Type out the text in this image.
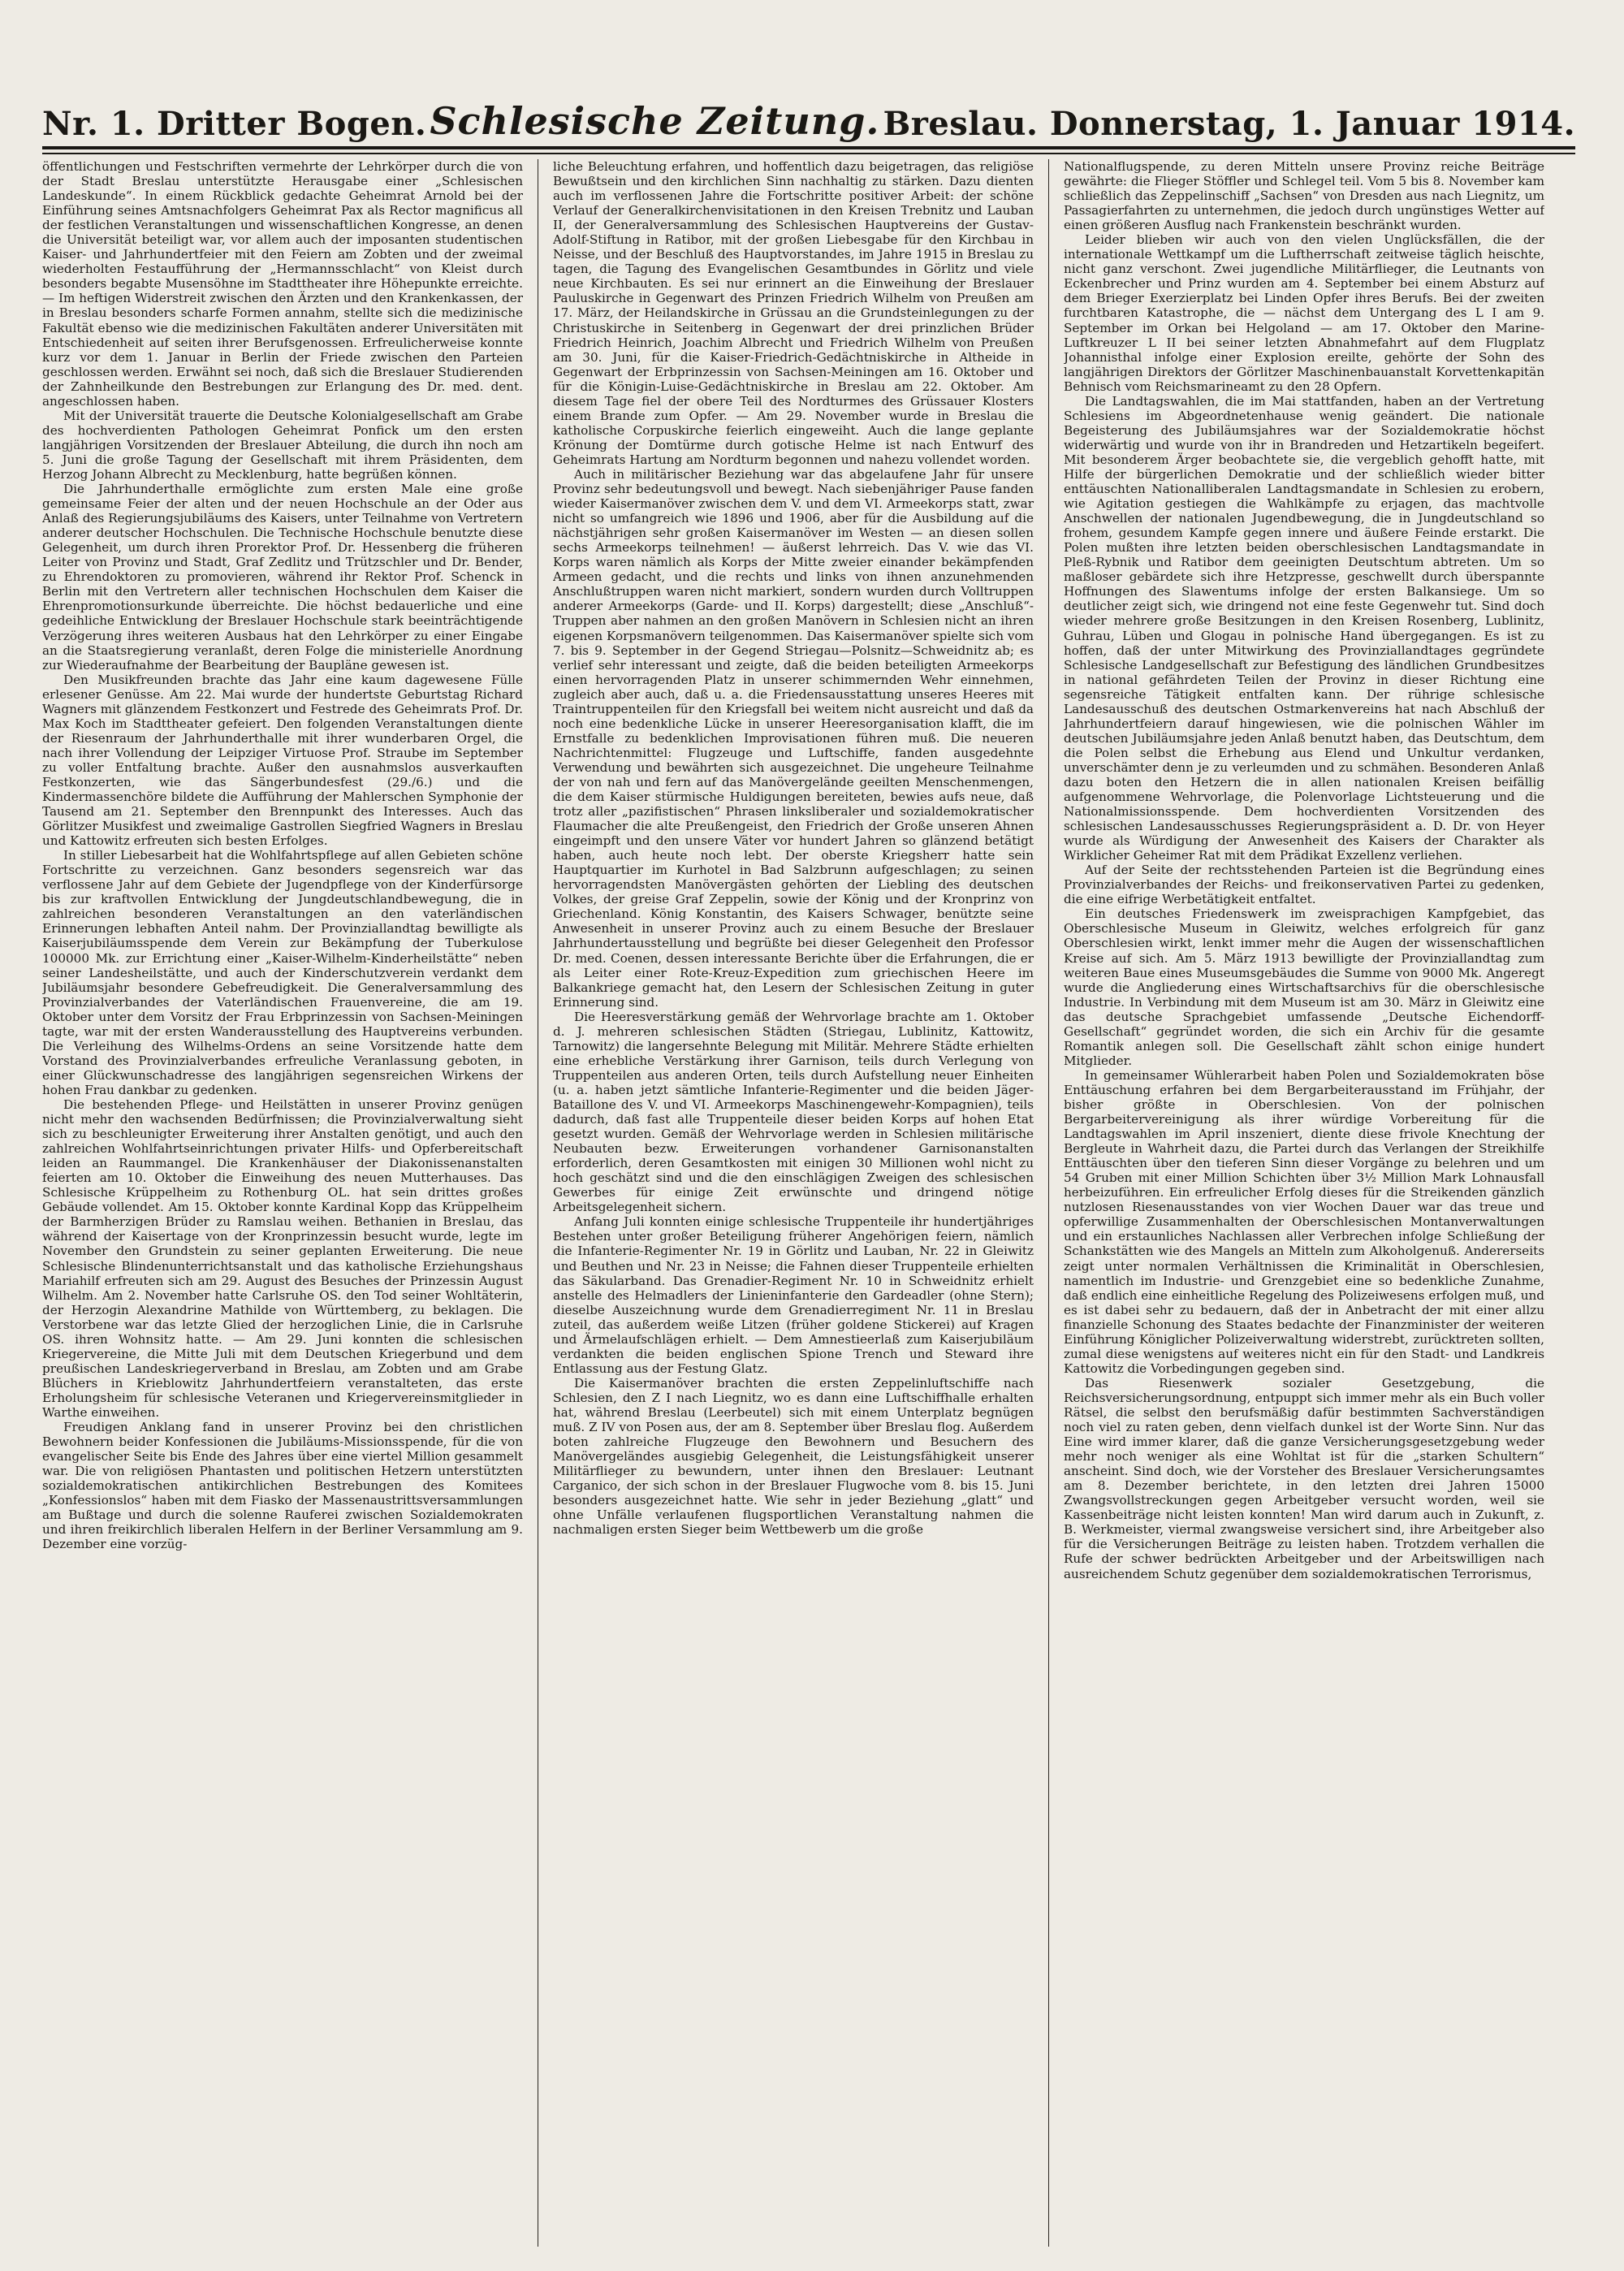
Nr. 1. Dritter Bogen. Schlesische Zeitung. Breslau. Donnerstag, 1. Januar 1914.

öffentlichungen und Festschriften vermehrte der Lehrkörper durch die von der Stadt Breslau unterstützte Herausgabe einer „Schlesischen Landeskunde“. In einem Rückblick gedachte Geheimrat Arnold bei der Einführung seines Amtsnachfolgers Geheimrat Pax als Rector magnificus all der festlichen Veranstaltungen und wissenschaftlichen Kongresse, an denen die Universität beteiligt war, vor allem auch der imposanten studentischen Kaiser- und Jahrhundertfeier mit den Feiern am Zobten und der zweimal wiederholten Festaufführung der „Hermannsschlacht“ von Kleist durch besonders begabte Musensöhne im Stadttheater ihre Höhepunkte erreichte. — Im heftigen Widerstreit zwischen den Ärzten und den Krankenkassen, der in Breslau besonders scharfe Formen annahm, stellte sich die medizinische Fakultät ebenso wie die medizinischen Fakultäten anderer Universitäten mit Entschiedenheit auf seiten ihrer Berufsgenossen. Erfreulicherweise konnte kurz vor dem 1. Januar in Berlin der Friede zwischen den Parteien geschlossen werden. Erwähnt sei noch, daß sich die Breslauer Studierenden der Zahnheilkunde den Bestrebungen zur Erlangung des Dr. med. dent. angeschlossen haben.

Mit der Universität trauerte die Deutsche Kolonialgesellschaft am Grabe des hochverdienten Pathologen Geheimrat Ponfick um den ersten langjährigen Vorsitzenden der Breslauer Abteilung, die durch ihn noch am 5. Juni die große Tagung der Gesellschaft mit ihrem Präsidenten, dem Herzog Johann Albrecht zu Mecklenburg, hatte begrüßen können.

Die Jahrhunderthalle ermöglichte zum ersten Male eine große gemeinsame Feier der alten und der neuen Hochschule an der Oder aus Anlaß des Regierungsjubiläums des Kaisers, unter Teilnahme von Vertretern anderer deutscher Hochschulen. Die Technische Hochschule benutzte diese Gelegenheit, um durch ihren Prorektor Prof. Dr. Hessenberg die früheren Leiter von Provinz und Stadt, Graf Zedlitz und Trützschler und Dr. Bender, zu Ehrendoktoren zu promovieren, während ihr Rektor Prof. Schenck in Berlin mit den Vertretern aller technischen Hochschulen dem Kaiser die Ehrenpromotionsurkunde überreichte. Die höchst bedauerliche und eine gedeihliche Entwicklung der Breslauer Hochschule stark beeinträchtigende Verzögerung ihres weiteren Ausbaus hat den Lehrkörper zu einer Eingabe an die Staatsregierung veranlaßt, deren Folge die ministerielle Anordnung zur Wiederaufnahme der Bearbeitung der Baupläne gewesen ist.

Den Musikfreunden brachte das Jahr eine kaum dagewesene Fülle erlesener Genüsse. Am 22. Mai wurde der hundertste Geburtstag Richard Wagners mit glänzendem Festkonzert und Festrede des Geheimrats Prof. Dr. Max Koch im Stadttheater gefeiert. Den folgenden Veranstaltungen diente der Riesenraum der Jahrhunderthalle mit ihrer wunderbaren Orgel, die nach ihrer Vollendung der Leipziger Virtuose Prof. Straube im September zu voller Entfaltung brachte. Außer den ausnahmslos ausverkauften Festkonzerten, wie das Sängerbundesfest (29./6.) und die Kindermassenchöre bildete die Aufführung der Mahlerschen Symphonie der Tausend am 21. September den Brennpunkt des Interesses. Auch das Görlitzer Musikfest und zweimalige Gastrollen Siegfried Wagners in Breslau und Kattowitz erfreuten sich besten Erfolges.

In stiller Liebesarbeit hat die Wohlfahrtspflege auf allen Gebieten schöne Fortschritte zu verzeichnen. Ganz besonders segensreich war das verflossene Jahr auf dem Gebiete der Jugendpflege von der Kinderfürsorge bis zur kraftvollen Entwicklung der Jungdeutschlandbewegung, die in zahlreichen besonderen Veranstaltungen an den vaterländischen Erinnerungen lebhaften Anteil nahm. Der Provinziallandtag bewilligte als Kaiserjubiläumsspende dem Verein zur Bekämpfung der Tuberkulose 100000 Mk. zur Errichtung einer „Kaiser-Wilhelm-Kinderheilstätte“ neben seiner Landesheilstätte, und auch der Kinderschutzverein verdankt dem Jubiläumsjahr besondere Gebefreudigkeit. Die Generalversammlung des Provinzialverbandes der Vaterländischen Frauenvereine, die am 19. Oktober unter dem Vorsitz der Frau Erbprinzessin von Sachsen-Meiningen tagte, war mit der ersten Wanderausstellung des Hauptvereins verbunden. Die Verleihung des Wilhelms-Ordens an seine Vorsitzende hatte dem Vorstand des Provinzialverbandes erfreuliche Veranlassung geboten, in einer Glückwunschadresse des langjährigen segensreichen Wirkens der hohen Frau dankbar zu gedenken.

Die bestehenden Pflege- und Heilstätten in unserer Provinz genügen nicht mehr den wachsenden Bedürfnissen; die Provinzialverwaltung sieht sich zu beschleunigter Erweiterung ihrer Anstalten genötigt, und auch den zahlreichen Wohlfahrtseinrichtungen privater Hilfs- und Opferbereitschaft leiden an Raummangel. Die Krankenhäuser der Diakonissenanstalten feierten am 10. Oktober die Einweihung des neuen Mutterhauses. Das Schlesische Krüppelheim zu Rothenburg OL. hat sein drittes großes Gebäude vollendet. Am 15. Oktober konnte Kardinal Kopp das Krüppelheim der Barmherzigen Brüder zu Ramslau weihen. Bethanien in Breslau, das während der Kaisertage von der Kronprinzessin besucht wurde, legte im November den Grundstein zu seiner geplanten Erweiterung. Die neue Schlesische Blindenunterrichtsanstalt und das katholische Erziehungshaus Mariahilf erfreuten sich am 29. August des Besuches der Prinzessin August Wilhelm. Am 2. November hatte Carlsruhe OS. den Tod seiner Wohltäterin, der Herzogin Alexandrine Mathilde von Württemberg, zu beklagen. Die Verstorbene war das letzte Glied der herzoglichen Linie, die in Carlsruhe OS. ihren Wohnsitz hatte. — Am 29. Juni konnten die schlesischen Kriegervereine, die Mitte Juli mit dem Deutschen Kriegerbund und dem preußischen Landeskriegerverband in Breslau, am Zobten und am Grabe Blüchers in Krieblowitz Jahrhundertfeiern veranstalteten, das erste Erholungsheim für schlesische Veteranen und Kriegervereinsmitglieder in Warthe einweihen.

Freudigen Anklang fand in unserer Provinz bei den christlichen Bewohnern beider Konfessionen die Jubiläums-Missionsspende, für die von evangelischer Seite bis Ende des Jahres über eine viertel Million gesammelt war. Die von religiösen Phantasten und politischen Hetzern unterstützten sozialdemokratischen antikirchlichen Bestrebungen des Komitees „Konfessionslos“ haben mit dem Fiasko der Massenaustrittsversammlungen am Bußtage und durch die solenne Rauferei zwischen Sozialdemokraten und ihren freikirchlich liberalen Helfern in der Berliner Versammlung am 9. Dezember eine vorzüg-

liche Beleuchtung erfahren, und hoffentlich dazu beigetragen, das religiöse Bewußtsein und den kirchlichen Sinn nachhaltig zu stärken. Dazu dienten auch im verflossenen Jahre die Fortschritte positiver Arbeit: der schöne Verlauf der Generalkirchenvisitationen in den Kreisen Trebnitz und Lauban II, der Generalversammlung des Schlesischen Hauptvereins der Gustav-Adolf-Stiftung in Ratibor, mit der großen Liebesgabe für den Kirchbau in Neisse, und der Beschluß des Hauptvorstandes, im Jahre 1915 in Breslau zu tagen, die Tagung des Evangelischen Gesamtbundes in Görlitz und viele neue Kirchbauten. Es sei nur erinnert an die Einweihung der Breslauer Pauluskirche in Gegenwart des Prinzen Friedrich Wilhelm von Preußen am 17. März, der Heilandskirche in Grüssau an die Grundsteinlegungen zu der Christuskirche in Seitenberg in Gegenwart der drei prinzlichen Brüder Friedrich Heinrich, Joachim Albrecht und Friedrich Wilhelm von Preußen am 30. Juni, für die Kaiser-Friedrich-Gedächtniskirche in Altheide in Gegenwart der Erbprinzessin von Sachsen-Meiningen am 16. Oktober und für die Königin-Luise-Gedächtniskirche in Breslau am 22. Oktober. Am diesem Tage fiel der obere Teil des Nordturmes des Grüssauer Klosters einem Brande zum Opfer. — Am 29. November wurde in Breslau die katholische Corpuskirche feierlich eingeweiht. Auch die lange geplante Krönung der Domtürme durch gotische Helme ist nach Entwurf des Geheimrats Hartung am Nordturm begonnen und nahezu vollendet worden.

Auch in militärischer Beziehung war das abgelaufene Jahr für unsere Provinz sehr bedeutungsvoll und bewegt. Nach siebenjähriger Pause fanden wieder Kaisermanöver zwischen dem V. und dem VI. Armeekorps statt, zwar nicht so umfangreich wie 1896 und 1906, aber für die Ausbildung auf die nächstjährigen sehr großen Kaisermanöver im Westen — an diesen sollen sechs Armeekorps teilnehmen! — äußerst lehrreich. Das V. wie das VI. Korps waren nämlich als Korps der Mitte zweier einander bekämpfenden Armeen gedacht, und die rechts und links von ihnen anzunehmenden Anschlußtruppen waren nicht markiert, sondern wurden durch Volltruppen anderer Armeekorps (Garde- und II. Korps) dargestellt; diese „Anschluß“-Truppen aber nahmen an den großen Manövern in Schlesien nicht an ihren eigenen Korpsmanövern teilgenommen. Das Kaisermanöver spielte sich vom 7. bis 9. September in der Gegend Striegau—Polsnitz—Schweidnitz ab; es verlief sehr interessant und zeigte, daß die beiden beteiligten Armeekorps einen hervorragenden Platz in unserer schimmernden Wehr einnehmen, zugleich aber auch, daß u. a. die Friedensausstattung unseres Heeres mit Traintruppenteilen für den Kriegsfall bei weitem nicht ausreicht und daß da noch eine bedenkliche Lücke in unserer Heeresorganisation klafft, die im Ernstfalle zu bedenklichen Improvisationen führen muß. Die neueren Nachrichtenmittel: Flugzeuge und Luftschiffe, fanden ausgedehnte Verwendung und bewährten sich ausgezeichnet. Die ungeheure Teilnahme der von nah und fern auf das Manövergelände geeilten Menschenmengen, die dem Kaiser stürmische Huldigungen bereiteten, bewies aufs neue, daß trotz aller „pazifistischen“ Phrasen linksliberaler und sozialdemokratischer Flaumacher die alte Preußengeist, den Friedrich der Große unseren Ahnen eingeimpft und den unsere Väter vor hundert Jahren so glänzend betätigt haben, auch heute noch lebt. Der oberste Kriegsherr hatte sein Hauptquartier im Kurhotel in Bad Salzbrunn aufgeschlagen; zu seinen hervorragendsten Manövergästen gehörten der Liebling des deutschen Volkes, der greise Graf Zeppelin, sowie der König und der Kronprinz von Griechenland. König Konstantin, des Kaisers Schwager, benützte seine Anwesenheit in unserer Provinz auch zu einem Besuche der Breslauer Jahrhundertausstellung und begrüßte bei dieser Gelegenheit den Professor Dr. med. Coenen, dessen interessante Berichte über die Erfahrungen, die er als Leiter einer Rote-Kreuz-Expedition zum griechischen Heere im Balkankriege gemacht hat, den Lesern der Schlesischen Zeitung in guter Erinnerung sind.

Die Heeresverstärkung gemäß der Wehrvorlage brachte am 1. Oktober d. J. mehreren schlesischen Städten (Striegau, Lublinitz, Kattowitz, Tarnowitz) die langersehnte Belegung mit Militär. Mehrere Städte erhielten eine erhebliche Verstärkung ihrer Garnison, teils durch Verlegung von Truppenteilen aus anderen Orten, teils durch Aufstellung neuer Einheiten (u. a. haben jetzt sämtliche Infanterie-Regimenter und die beiden Jäger-Bataillone des V. und VI. Armeekorps Maschinengewehr-Kompagnien), teils dadurch, daß fast alle Truppenteile dieser beiden Korps auf hohen Etat gesetzt wurden. Gemäß der Wehrvorlage werden in Schlesien militärische Neubauten bezw. Erweiterungen vorhandener Garnisonanstalten erforderlich, deren Gesamtkosten mit einigen 30 Millionen wohl nicht zu hoch geschätzt sind und die den einschlägigen Zweigen des schlesischen Gewerbes für einige Zeit erwünschte und dringend nötige Arbeitsgelegenheit sichern.

Anfang Juli konnten einige schlesische Truppenteile ihr hundertjähriges Bestehen unter großer Beteiligung früherer Angehörigen feiern, nämlich die Infanterie-Regimenter Nr. 19 in Görlitz und Lauban, Nr. 22 in Gleiwitz und Beuthen und Nr. 23 in Neisse; die Fahnen dieser Truppenteile erhielten das Säkularband. Das Grenadier-Regiment Nr. 10 in Schweidnitz erhielt anstelle des Helmadlers der Linieninfanterie den Gardeadler (ohne Stern); dieselbe Auszeichnung wurde dem Grenadierregiment Nr. 11 in Breslau zuteil, das außerdem weiße Litzen (früher goldene Stickerei) auf Kragen und Ärmelaufschlägen erhielt. — Dem Amnestieerlaß zum Kaiserjubiläum verdankten die beiden englischen Spione Trench und Steward ihre Entlassung aus der Festung Glatz.

Die Kaisermanöver brachten die ersten Zeppelinluftschiffe nach Schlesien, den Z I nach Liegnitz, wo es dann eine Luftschiffhalle erhalten hat, während Breslau (Leerbeutel) sich mit einem Unterplatz begnügen muß. Z IV von Posen aus, der am 8. September über Breslau flog. Außerdem boten zahlreiche Flugzeuge den Bewohnern und Besuchern des Manövergeländes ausgiebig Gelegenheit, die Leistungsfähigkeit unserer Militärflieger zu bewundern, unter ihnen den Breslauer: Leutnant Carganico, der sich schon in der Breslauer Flugwoche vom 8. bis 15. Juni besonders ausgezeichnet hatte. Wie sehr in jeder Beziehung „glatt“ und ohne Unfälle verlaufenen flugsportlichen Veranstaltung nahmen die nachmaligen ersten Sieger beim Wettbewerb um die große

Nationalflugspende, zu deren Mitteln unsere Provinz reiche Beiträge gewährte: die Flieger Stöffler und Schlegel teil. Vom 5 bis 8. November kam schließlich das Zeppelinschiff „Sachsen“ von Dresden aus nach Liegnitz, um Passagierfahrten zu unternehmen, die jedoch durch ungünstiges Wetter auf einen größeren Ausflug nach Frankenstein beschränkt wurden.

Leider blieben wir auch von den vielen Unglücksfällen, die der internationale Wettkampf um die Luftherrschaft zeitweise täglich heischte, nicht ganz verschont. Zwei jugendliche Militärflieger, die Leutnants von Eckenbrecher und Prinz wurden am 4. September bei einem Absturz auf dem Brieger Exerzierplatz bei Linden Opfer ihres Berufs. Bei der zweiten furchtbaren Katastrophe, die — nächst dem Untergang des L I am 9. September im Orkan bei Helgoland — am 17. Oktober den Marine-Luftkreuzer L II bei seiner letzten Abnahmefahrt auf dem Flugplatz Johannisthal infolge einer Explosion ereilte, gehörte der Sohn des langjährigen Direktors der Görlitzer Maschinenbauanstalt Korvettenkapitän Behnisch vom Reichsmarineamt zu den 28 Opfern.

Die Landtagswahlen, die im Mai stattfanden, haben an der Vertretung Schlesiens im Abgeordnetenhause wenig geändert. Die nationale Begeisterung des Jubiläumsjahres war der Sozialdemokratie höchst widerwärtig und wurde von ihr in Brandreden und Hetzartikeln begeifert. Mit besonderem Ärger beobachtete sie, die vergeblich gehofft hatte, mit Hilfe der bürgerlichen Demokratie und der schließlich wieder bitter enttäuschten Nationalliberalen Landtagsmandate in Schlesien zu erobern, wie Agitation gestiegen die Wahlkämpfe zu erjagen, das machtvolle Anschwellen der nationalen Jugendbewegung, die in Jungdeutschland so frohem, gesundem Kampfe gegen innere und äußere Feinde erstarkt. Die Polen mußten ihre letzten beiden oberschlesischen Landtagsmandate in Pleß-Rybnik und Ratibor dem geeinigten Deutschtum abtreten. Um so maßloser gebärdete sich ihre Hetzpresse, geschwellt durch überspannte Hoffnungen des Slawentums infolge der ersten Balkansiege. Um so deutlicher zeigt sich, wie dringend not eine feste Gegenwehr tut. Sind doch wieder mehrere große Besitzungen in den Kreisen Rosenberg, Lublinitz, Guhrau, Lüben und Glogau in polnische Hand übergegangen. Es ist zu hoffen, daß der unter Mitwirkung des Provinziallandtages gegründete Schlesische Landgesellschaft zur Befestigung des ländlichen Grundbesitzes in national gefährdeten Teilen der Provinz in dieser Richtung eine segensreiche Tätigkeit entfalten kann. Der rührige schlesische Landesausschuß des deutschen Ostmarkenvereins hat nach Abschluß der Jahrhundertfeiern darauf hingewiesen, wie die polnischen Wähler im deutschen Jubiläumsjahre jeden Anlaß benutzt haben, das Deutschtum, dem die Polen selbst die Erhebung aus Elend und Unkultur verdanken, unverschämter denn je zu verleumden und zu schmähen. Besonderen Anlaß dazu boten den Hetzern die in allen nationalen Kreisen beifällig aufgenommene Wehrvorlage, die Polenvorlage Lichtsteuerung und die Nationalmissionsspende. Dem hochverdienten Vorsitzenden des schlesischen Landesausschusses Regierungspräsident a. D. Dr. von Heyer wurde als Würdigung der Anwesenheit des Kaisers der Charakter als Wirklicher Geheimer Rat mit dem Prädikat Exzellenz verliehen.

Auf der Seite der rechtsstehenden Parteien ist die Begründung eines Provinzialverbandes der Reichs- und freikonservativen Partei zu gedenken, die eine eifrige Werbetätigkeit entfaltet.

Ein deutsches Friedenswerk im zweisprachigen Kampfgebiet, das Oberschlesische Museum in Gleiwitz, welches erfolgreich für ganz Oberschlesien wirkt, lenkt immer mehr die Augen der wissenschaftlichen Kreise auf sich. Am 5. März 1913 bewilligte der Provinziallandtag zum weiteren Baue eines Museumsgebäudes die Summe von 9000 Mk. Angeregt wurde die Angliederung eines Wirtschaftsarchivs für die oberschlesische Industrie. In Verbindung mit dem Museum ist am 30. März in Gleiwitz eine das deutsche Sprachgebiet umfassende „Deutsche Eichendorff-Gesellschaft“ gegründet worden, die sich ein Archiv für die gesamte Romantik anlegen soll. Die Gesellschaft zählt schon einige hundert Mitglieder.

In gemeinsamer Wühlerarbeit haben Polen und Sozialdemokraten böse Enttäuschung erfahren bei dem Bergarbeiterausstand im Frühjahr, der bisher größte in Oberschlesien. Von der polnischen Bergarbeitervereinigung als ihrer würdige Vorbereitung für die Landtagswahlen im April inszeniert, diente diese frivole Knechtung der Bergleute in Wahrheit dazu, die Partei durch das Verlangen der Streikhilfe Enttäuschten über den tieferen Sinn dieser Vorgänge zu belehren und um 54 Gruben mit einer Million Schichten über 3½ Million Mark Lohnausfall herbeizuführen. Ein erfreulicher Erfolg dieses für die Streikenden gänzlich nutzlosen Riesenausstandes von vier Wochen Dauer war das treue und opferwillige Zusammenhalten der Oberschlesischen Montanverwaltungen und ein erstaunliches Nachlassen aller Verbrechen infolge Schließung der Schankstätten wie des Mangels an Mitteln zum Alkoholgenuß. Andererseits zeigt unter normalen Verhältnissen die Kriminalität in Oberschlesien, namentlich im Industrie- und Grenzgebiet eine so bedenkliche Zunahme, daß endlich eine einheitliche Regelung des Polizeiwesens erfolgen muß, und es ist dabei sehr zu bedauern, daß der in Anbetracht der mit einer allzu finanzielle Schonung des Staates bedachte der Finanzminister der weiteren Einführung Königlicher Polizeiverwaltung widerstrebt, zurücktreten sollten, zumal diese wenigstens auf weiteres nicht ein für den Stadt- und Landkreis Kattowitz die Vorbedingungen gegeben sind.

Das Riesenwerk sozialer Gesetzgebung, die Reichsversicherungsordnung, entpuppt sich immer mehr als ein Buch voller Rätsel, die selbst den berufsmäßig dafür bestimmten Sachverständigen noch viel zu raten geben, denn vielfach dunkel ist der Worte Sinn. Nur das Eine wird immer klarer, daß die ganze Versicherungsgesetzgebung weder mehr noch weniger als eine Wohltat ist für die „starken Schultern“ anscheint. Sind doch, wie der Vorsteher des Breslauer Versicherungsamtes am 8. Dezember berichtete, in den letzten drei Jahren 15000 Zwangsvollstreckungen gegen Arbeitgeber versucht worden, weil sie Kassenbeiträge nicht leisten konnten! Man wird darum auch in Zukunft, z. B. Werkmeister, viermal zwangsweise versichert sind, ihre Arbeitgeber also für die Versicherungen Beiträge zu leisten haben. Trotzdem verhallen die Rufe der schwer bedrückten Arbeitgeber und der Arbeitswilligen nach ausreichendem Schutz gegenüber dem sozialdemokratischen Terrorismus,
